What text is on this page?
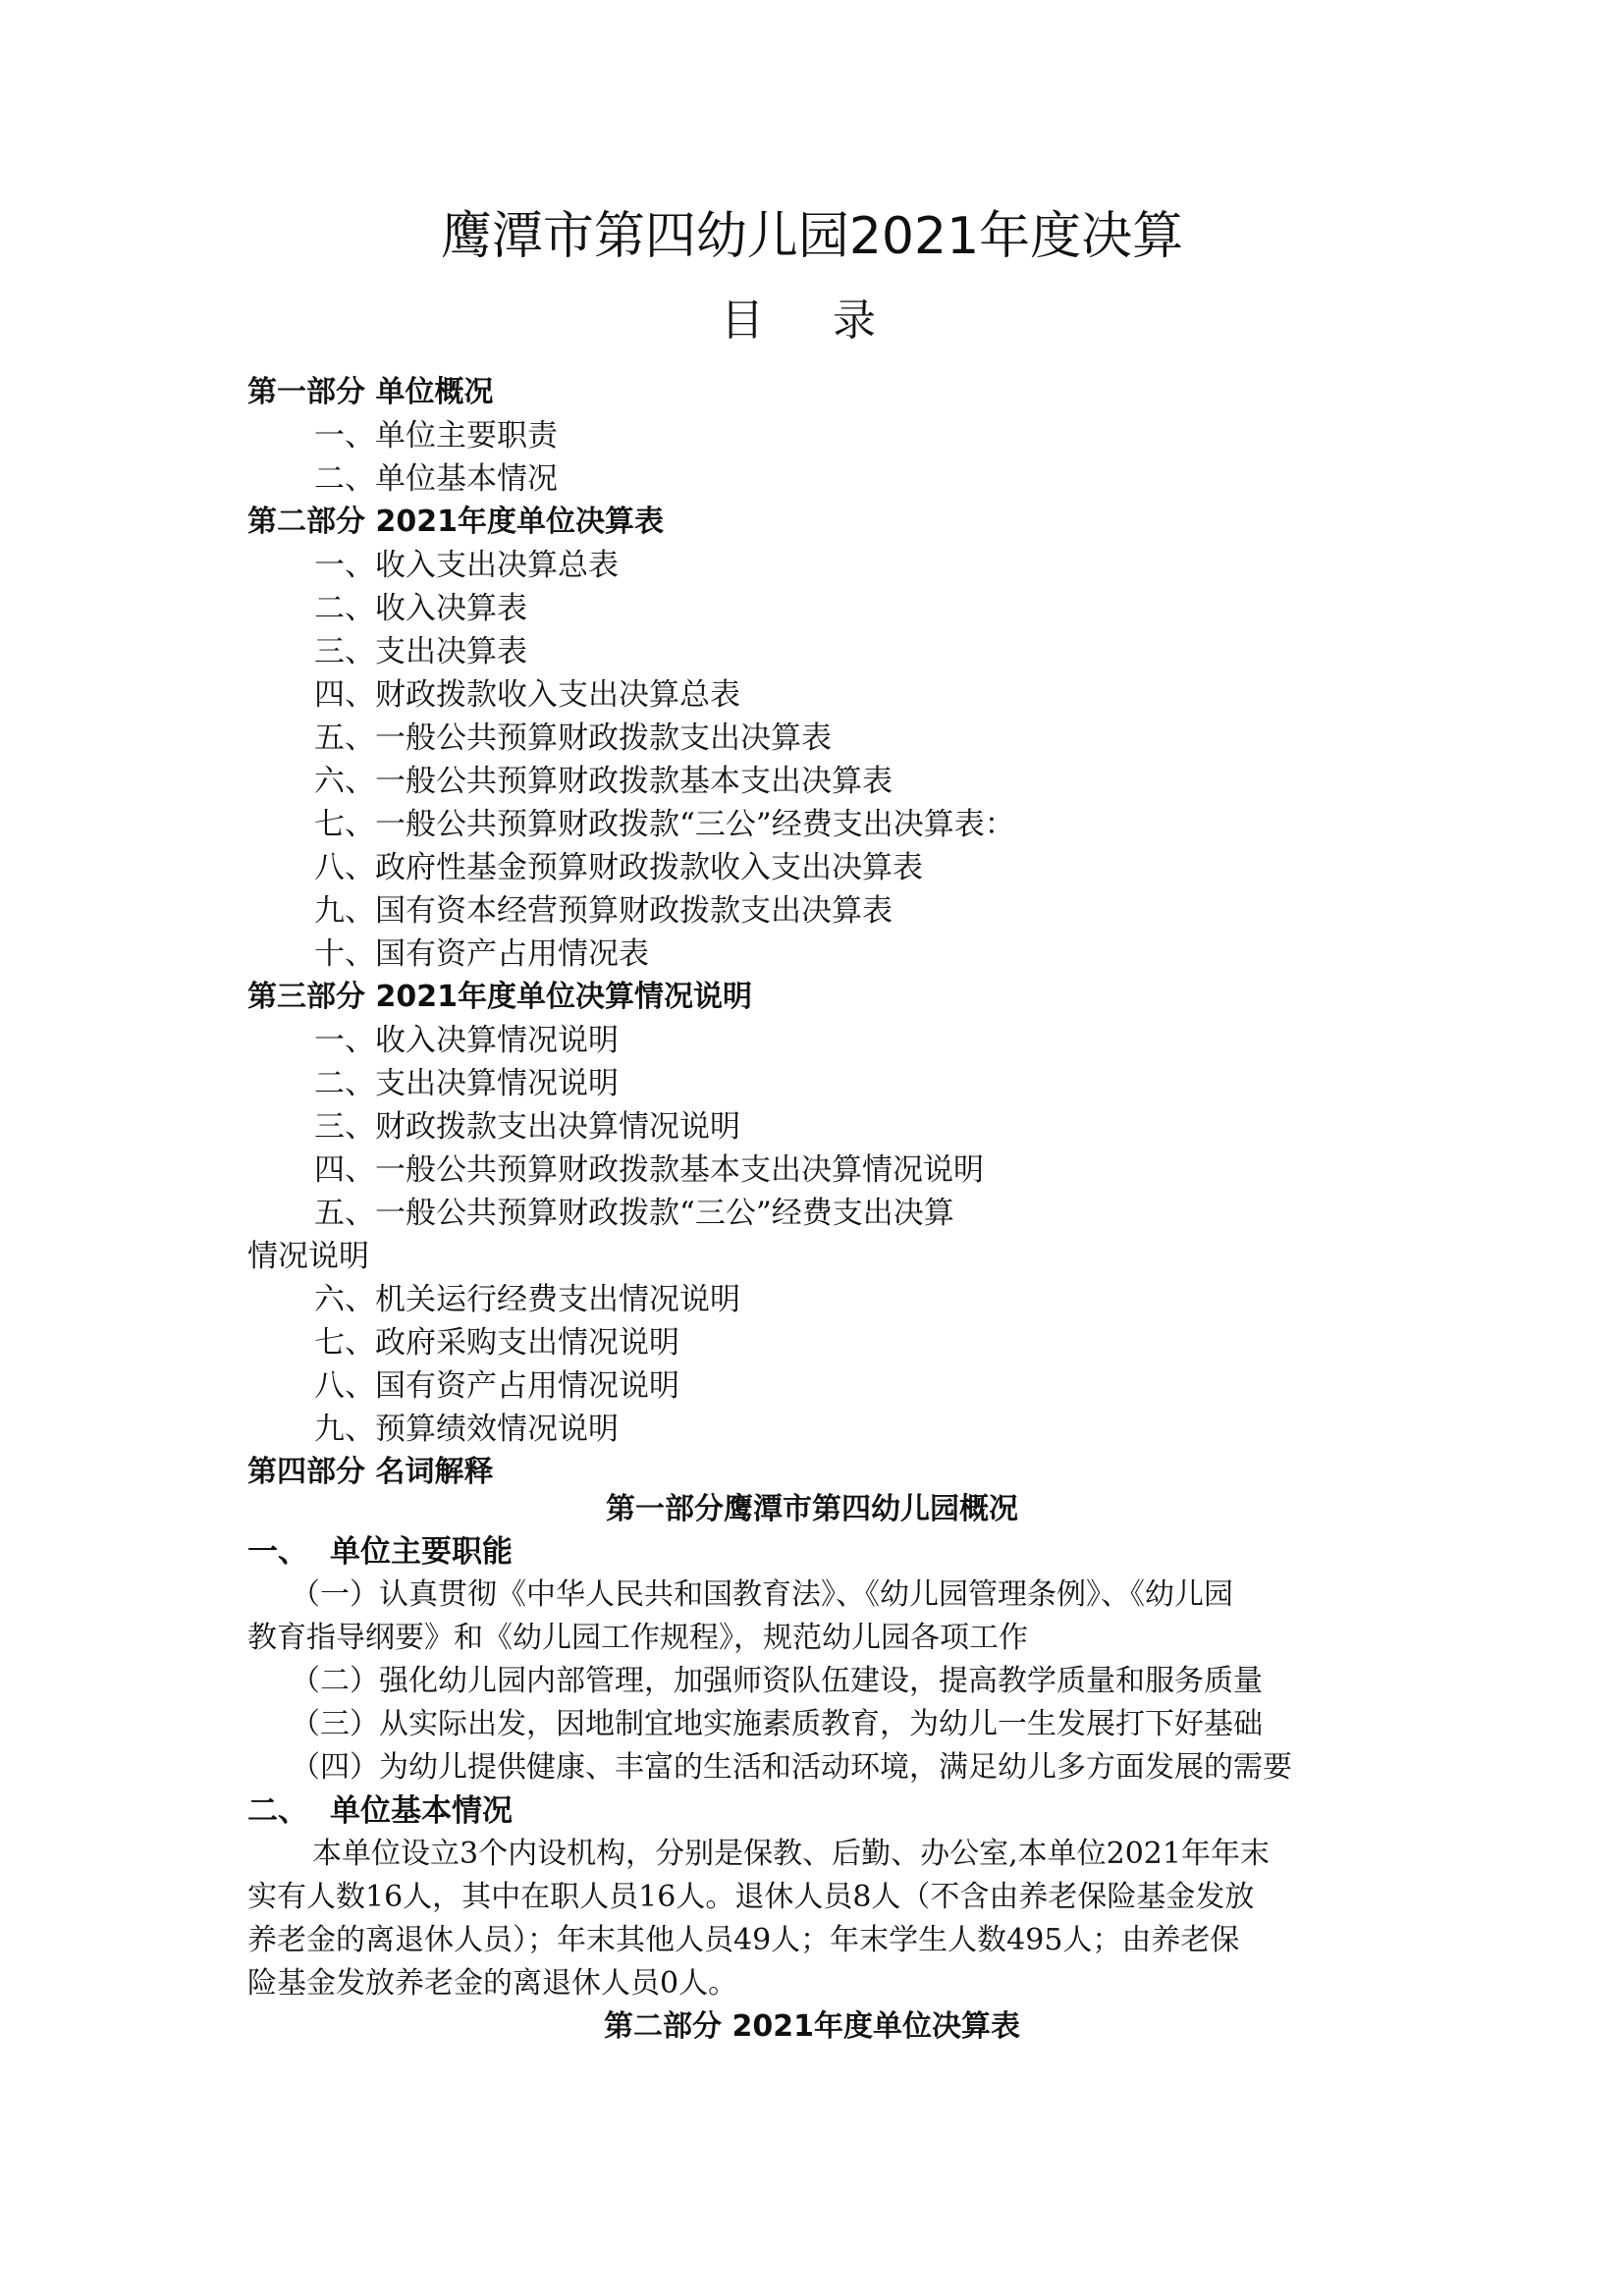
鹰潭市第四幼儿园2021年度决算
目 录
第一部分 单位概况
一、单位主要职责
二、单位基本情况
第二部分 2021年度单位决算表
一、收入支出决算总表
二、收入决算表
三、支出决算表
四、财政拨款收入支出决算总表
五、一般公共预算财政拨款支出决算表
六、一般公共预算财政拨款基本支出决算表
七、一般公共预算财政拨款“三公”经费支出决算表：
八、政府性基金预算财政拨款收入支出决算表
九、国有资本经营预算财政拨款支出决算表
十、国有资产占用情况表
第三部分 2021年度单位决算情况说明
一、收入决算情况说明
二、支出决算情况说明
三、财政拨款支出决算情况说明
四、一般公共预算财政拨款基本支出决算情况说明
五、一般公共预算财政拨款“三公”经费支出决算
情况说明
六、机关运行经费支出情况说明
七、政府采购支出情况说明
八、国有资产占用情况说明
九、预算绩效情况说明
第四部分 名词解释
第一部分鹰潭市第四幼儿园概况
一、 单位主要职能
（一）认真贯彻《中华人民共和国教育法》、《幼儿园管理条例》、《幼儿园
教育指导纲要》和《幼儿园工作规程》，规范幼儿园各项工作
（二）强化幼儿园内部管理，加强师资队伍建设，提高教学质量和服务质量
（三）从实际出发，因地制宜地实施素质教育，为幼儿一生发展打下好基础
（四）为幼儿提供健康、丰富的生活和活动环境，满足幼儿多方面发展的需要
二、 单位基本情况
本单位设立3个内设机构，分别是保教、后勤、办公室,本单位2021年年末
实有人数16人，其中在职人员16人。退休人员8人（不含由养老保险基金发放
养老金的离退休人员）；年末其他人员49人；年末学生人数495人；由养老保
险基金发放养老金的离退休人员0人。
第二部分 2021年度单位决算表
